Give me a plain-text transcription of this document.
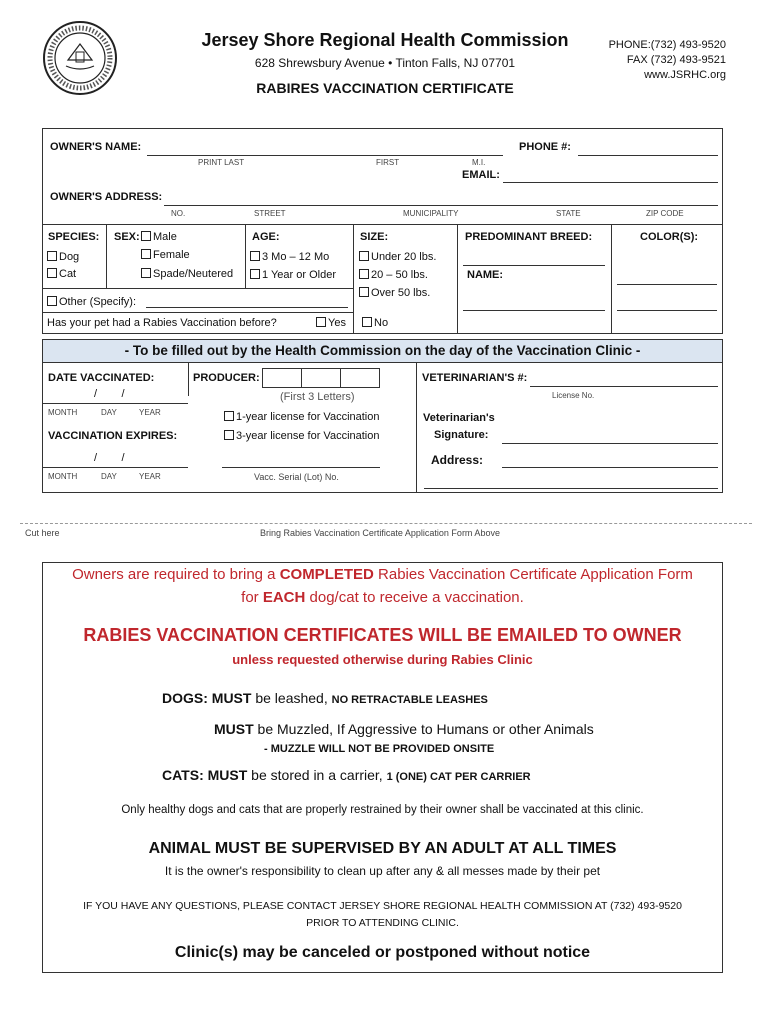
Jersey Shore Regional Health Commission
628 Shrewsbury Avenue • Tinton Falls, NJ 07701
RABIRES VACCINATION CERTIFICATE
PHONE:(732) 493-9520
FAX (732) 493-9521
www.JSRHC.org
OWNER'S NAME:
PRINT LAST	FIRST	M.I.
PHONE #:
EMAIL:
OWNER'S ADDRESS:
NO.	STREET	MUNICIPALITY	STATE	ZIP CODE
SPECIES:
Dog
Cat
SEX:	Male
Female
Spade/Neutered
AGE:
3 Mo – 12 Mo
1 Year or Older
SIZE:
Under 20 lbs.
20 – 50 lbs.
Over 50 lbs.
PREDOMINANT BREED:
NAME:
COLOR(S):
Other (Specify):
Has your pet had a Rabies Vaccination before?	Yes	No
- To be filled out by the Health Commission on the day of the Vaccination Clinic -
DATE VACCINATED:
/        /
MONTH	DAY	YEAR
VACCINATION EXPIRES:
/        /
MONTH	DAY	YEAR
PRODUCER:
(First 3 Letters)
1-year license for Vaccination
3-year license for Vaccination
Vacc. Serial (Lot) No.
VETERINARIAN'S #:
License No.
Veterinarian's
Signature:
Address:
Cut here	Bring Rabies Vaccination Certificate Application Form Above
Owners are required to bring a COMPLETED Rabies Vaccination Certificate Application Form
for EACH dog/cat to receive a vaccination.
RABIES VACCINATION CERTIFICATES WILL BE EMAILED TO OWNER
unless requested otherwise during Rabies Clinic
DOGS: MUST be leashed, NO RETRACTABLE LEASHES
MUST be Muzzled, If Aggressive to Humans or other Animals
- MUZZLE WILL NOT BE PROVIDED ONSITE
CATS: MUST be stored in a carrier, 1 (ONE) CAT PER CARRIER
Only healthy dogs and cats that are properly restrained by their owner shall be vaccinated at this clinic.
ANIMAL MUST BE SUPERVISED BY AN ADULT AT ALL TIMES
It is the owner's responsibility to clean up after any & all messes made by their pet
IF YOU HAVE ANY QUESTIONS, PLEASE CONTACT JERSEY SHORE REGIONAL HEALTH COMMISSION AT (732) 493-9520
PRIOR TO ATTENDING CLINIC.
Clinic(s) may be canceled or postponed without notice
